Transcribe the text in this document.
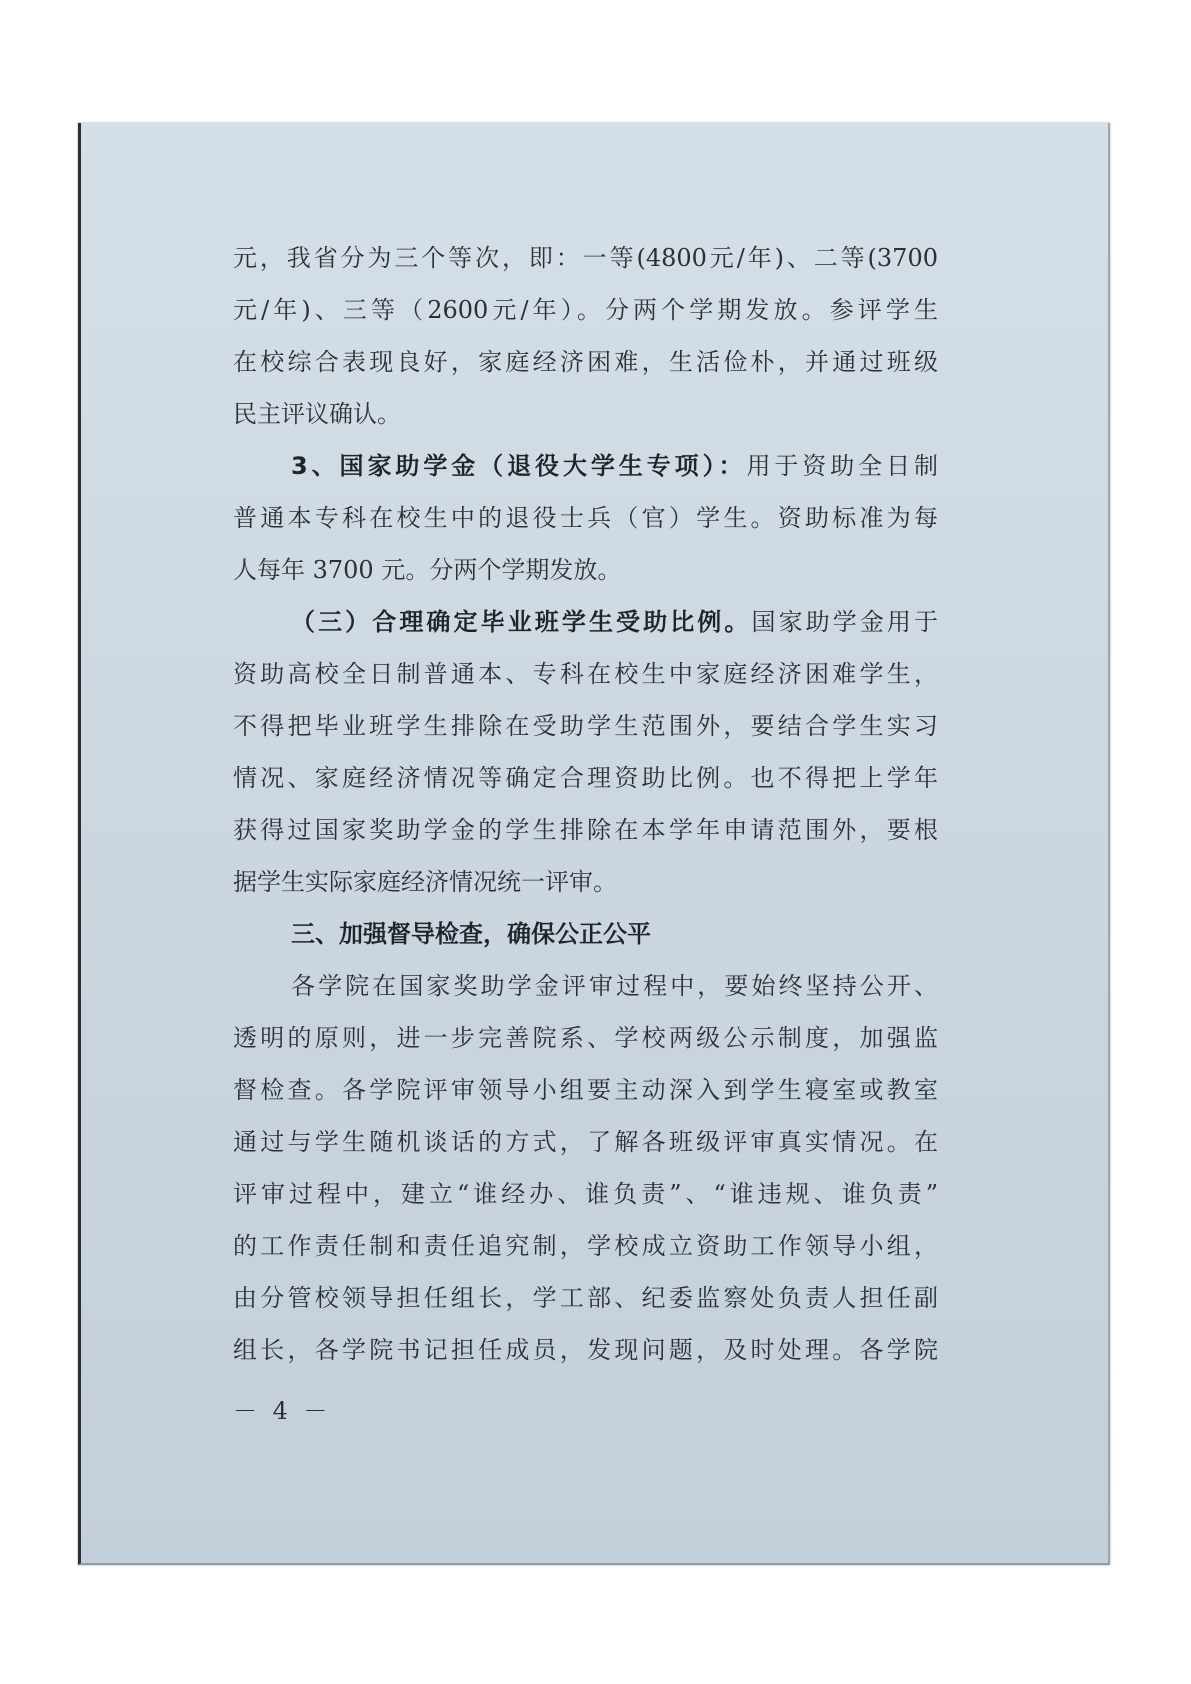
元，我省分为三个等次，即：一等(4800元/年)、二等(3700
元/年)、三等（2600元/年）。分两个学期发放。参评学生
在校综合表现良好，家庭经济困难，生活俭朴，并通过班级
民主评议确认。
3、国家助学金（退役大学生专项）：用于资助全日制
普通本专科在校生中的退役士兵（官）学生。资助标准为每
人每年 3700 元。分两个学期发放。
（三）合理确定毕业班学生受助比例。国家助学金用于
资助高校全日制普通本、专科在校生中家庭经济困难学生，
不得把毕业班学生排除在受助学生范围外，要结合学生实习
情况、家庭经济情况等确定合理资助比例。也不得把上学年
获得过国家奖助学金的学生排除在本学年申请范围外，要根
据学生实际家庭经济情况统一评审。
三、加强督导检查，确保公正公平
各学院在国家奖助学金评审过程中，要始终坚持公开、
透明的原则，进一步完善院系、学校两级公示制度，加强监
督检查。各学院评审领导小组要主动深入到学生寝室或教室
通过与学生随机谈话的方式，了解各班级评审真实情况。在
评审过程中，建立“谁经办、谁负责”、“谁违规、谁负责”
的工作责任制和责任追究制，学校成立资助工作领导小组，
由分管校领导担任组长，学工部、纪委监察处负责人担任副
组长，各学院书记担任成员，发现问题，及时处理。各学院
－ 4 －
